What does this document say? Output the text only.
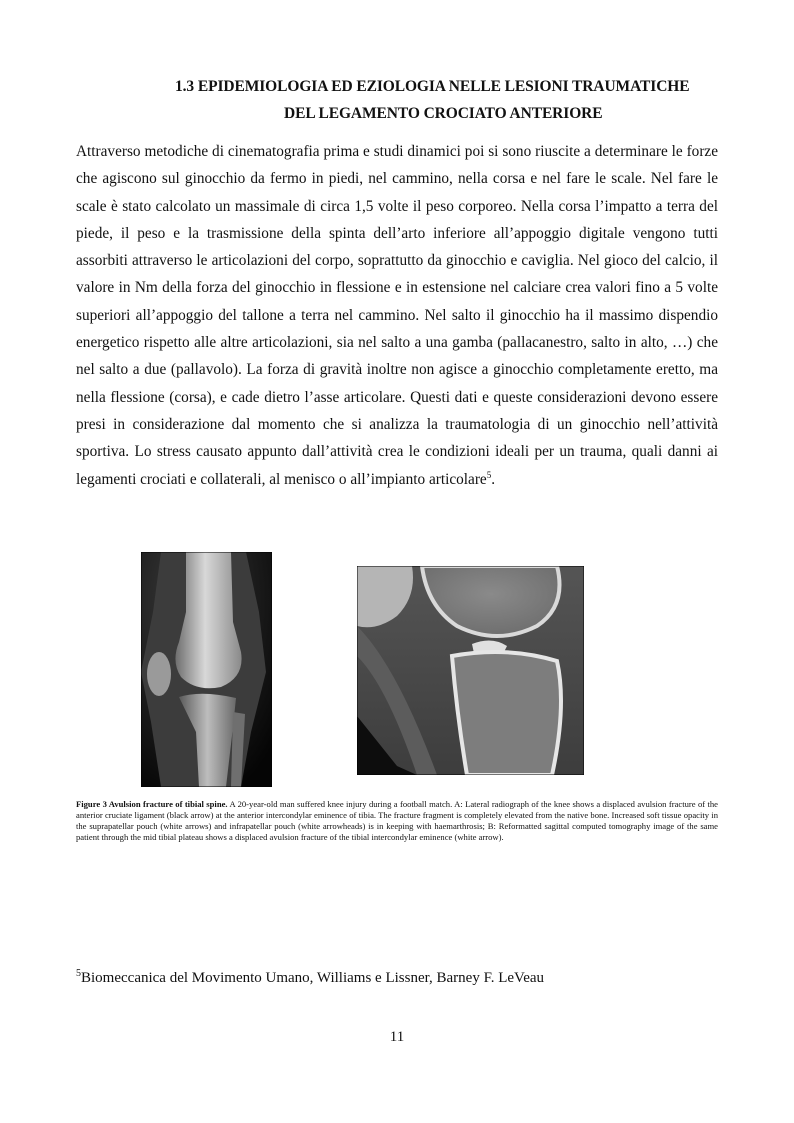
1.3 EPIDEMIOLOGIA ED EZIOLOGIA NELLE LESIONI TRAUMATICHE
DEL LEGAMENTO CROCIATO ANTERIORE
Attraverso metodiche di cinematografia prima e studi dinamici poi si sono riuscite a determinare le forze che agiscono sul ginocchio da fermo in piedi, nel cammino, nella corsa e nel fare le scale. Nel fare le scale è stato calcolato un massimale di circa 1,5 volte il peso corporeo. Nella corsa l’impatto a terra del piede, il peso e la trasmissione della spinta dell’arto inferiore all’appoggio digitale vengono tutti assorbiti attraverso le articolazioni del corpo, soprattutto da ginocchio e caviglia. Nel gioco del calcio, il valore in Nm della forza del ginocchio in flessione e in estensione nel calciare crea valori fino a 5 volte superiori all’appoggio del tallone a terra nel cammino. Nel salto il ginocchio ha il massimo dispendio energetico rispetto alle altre articolazioni, sia nel salto a una gamba (pallacanestro, salto in alto, …) che nel salto a due (pallavolo). La forza di gravità inoltre non agisce a ginocchio completamente eretto, ma nella flessione (corsa), e cade dietro l’asse articolare. Questi dati e queste considerazioni devono essere presi in considerazione dal momento che si analizza la traumatologia di un ginocchio nell’attività sportiva. Lo stress causato appunto dall’attività crea le condizioni ideali per un trauma, quali danni ai legamenti crociati e collaterali, al menisco o all’impianto articolare$^5$.
Figure 3 Avulsion fracture of tibial spine. A 20-year-old man suffered knee injury during a football match. A: Lateral radiograph of the knee shows a displaced avulsion fracture of the anterior cruciate ligament (black arrow) at the anterior intercondylar eminence of tibia. The fracture fragment is completely elevated from the native bone. Increased soft tissue opacity in the suprapatellar pouch (white arrows) and infrapatellar pouch (white arrowheads) is in keeping with haemarthrosis; B: Reformatted sagittal computed tomography image of the same patient through the mid tibial plateau shows a displaced avulsion fracture of the tibial intercondylar eminence (white arrow).
$^5$Biomeccanica del Movimento Umano, Williams e Lissner, Barney F. LeVeau
11
